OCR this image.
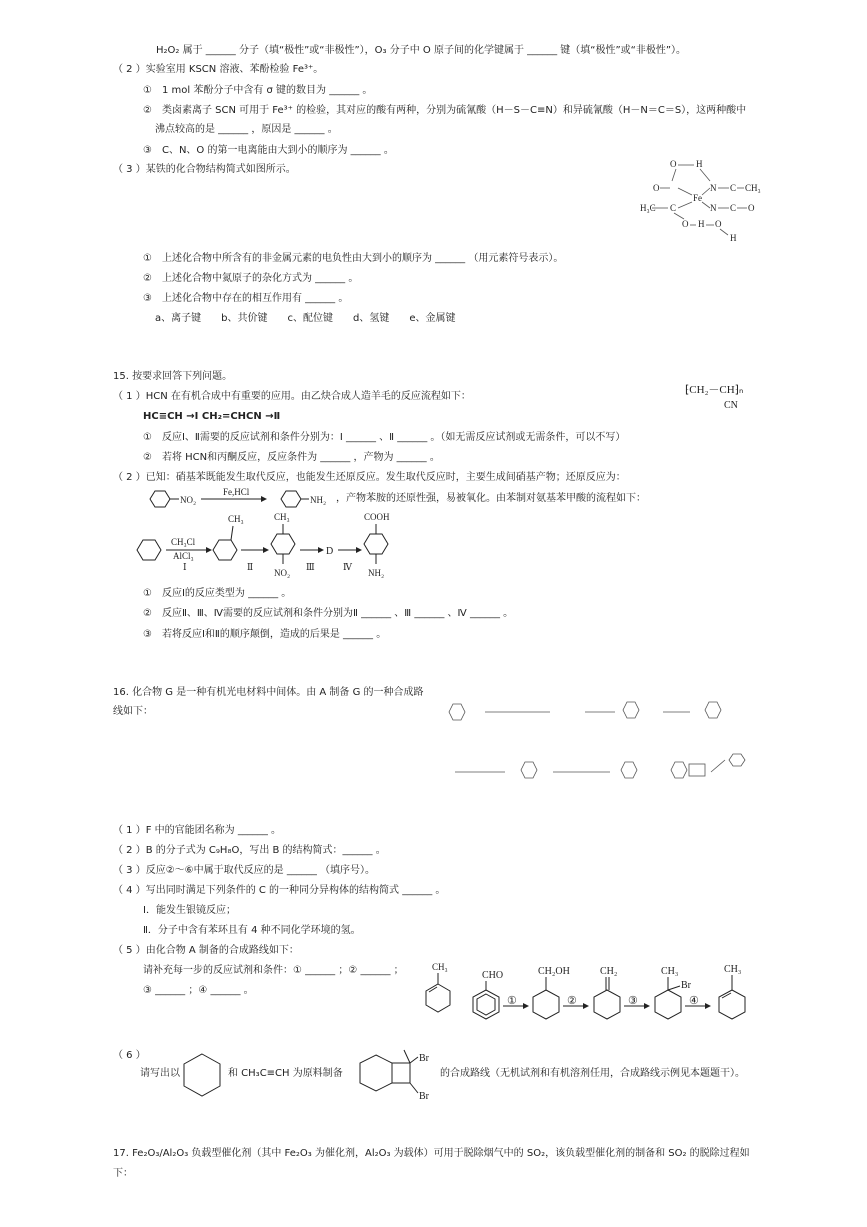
H₂O₂ 属于 ______ 分子（填“极性”或“非极性”），O₃ 分子中 O 原子间的化学键属于 ______ 键（填“极性”或“非极性”）。
（ 2 ）实验室用 KSCN 溶液、苯酚检验 Fe³⁺。
①　1 mol 苯酚分子中含有 σ 键的数目为 ______ 。
②　类卤素离子 SCN 可用于 Fe³⁺ 的检验，其对应的酸有两种，分别为硫氰酸（H－S－C≡N）和异硫氰酸（H－N＝C＝S），这两种酸中
沸点较高的是 ______ ，原因是 ______ 。
③　C、N、O 的第一电离能由大到小的顺序为 ______ 。
（ 3 ）某铁的化合物结构简式如图所示。	O H
O	N C CH₃
Fe
H₃C C	N C O
O H O
H
①　上述化合物中所含有的非金属元素的电负性由大到小的顺序为 ______ （用元素符号表示）。
②　上述化合物中氮原子的杂化方式为 ______ 。
③　上述化合物中存在的相互作用有 ______ 。
a、离子键　　b、共价键　　c、配位键　　d、氢键　　e、金属键
15. 按要求回答下列问题。
（ 1 ）HCN 在有机合成中有重要的应用。由乙炔合成人造羊毛的反应流程如下：
HC≡CH →Ⅰ CH₂=CHCN →Ⅱ
⁅CH₂－CH⁆ₙ
CN
①　反应Ⅰ、Ⅱ需要的反应试剂和条件分别为：Ⅰ ______ 、Ⅱ ______ 。（如无需反应试剂或无需条件，可以不写）
②　若将 HCN和丙酮反应，反应条件为 ______ ，产物为 ______ 。
（ 2 ）已知：硝基苯既能发生取代反应，也能发生还原反应。发生取代反应时，主要生成间硝基产物；还原反应为：
NO₂
Fe,HCl
NH₂ ，产物苯胺的还原性强，易被氧化。由苯制对氨基苯甲酸的流程如下：
CH₃Cl
AlCl₃
Ⅰ
CH₃
Ⅱ
CH₃
NO₂
Ⅲ
D
Ⅳ
COOH
NH₂
①　反应Ⅰ的反应类型为 ______ 。
②　反应Ⅱ、Ⅲ、Ⅳ需要的反应试剂和条件分别为Ⅱ ______ 、Ⅲ ______ 、Ⅳ ______ 。
③　若将反应Ⅰ和Ⅱ的顺序颠倒，造成的后果是 ______ 。
16. 化合物 G 是一种有机光电材料中间体。由 A 制备 G 的一种合成路
线如下：
（ 1 ）F 中的官能团名称为 ______ 。
（ 2 ）B 的分子式为 C₉H₈O，写出 B 的结构简式：______ 。
（ 3 ）反应②～⑥中属于取代反应的是 ______ （填序号）。
（ 4 ）写出同时满足下列条件的 C 的一种同分异构体的结构简式 ______ 。
Ⅰ．能发生银镜反应；
Ⅱ．分子中含有苯环且有 4 种不同化学环境的氢。
（ 5 ）由化合物 A 制备的合成路线如下：
请补充每一步的反应试剂和条件：① ______ ；② ______ ；
③ ______ ；④ ______ 。
CH₃
CHO
①
CH₂OH
②
CH₂
③
CH₃
Br
④
CH₃
（ 6 ）
请写出以	和 CH₃C≡CH 为原料制备
Br
Br
的合成路线（无机试剂和有机溶剂任用，合成路线示例见本题题干）。
17. Fe₂O₃/Al₂O₃ 负载型催化剂（其中 Fe₂O₃ 为催化剂，Al₂O₃ 为载体）可用于脱除烟气中的 SO₂，该负载型催化剂的制备和 SO₂ 的脱除过程如
下：
